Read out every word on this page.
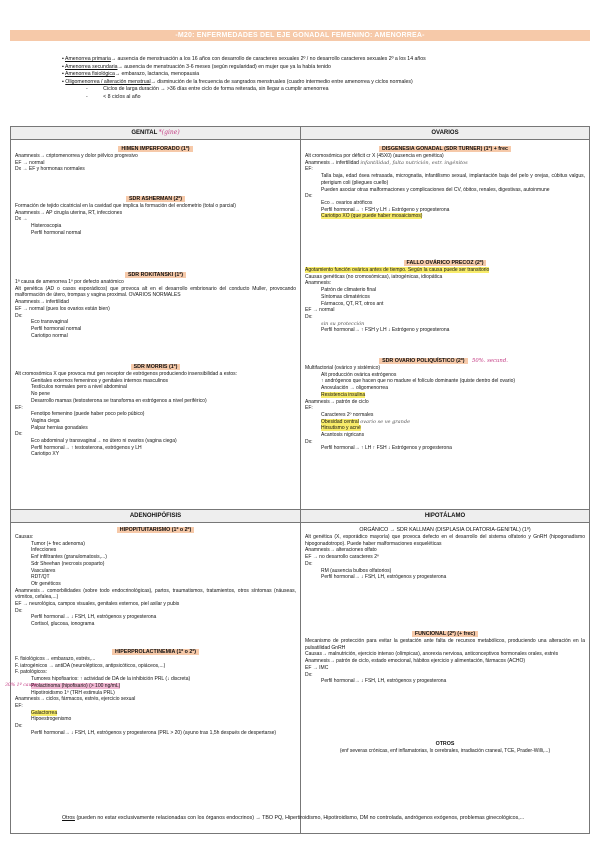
-M20: ENFERMEDADES DEL EJE GONADAL FEMENINO: AMENORREA-
▪ Amenorrea primaria→ ausencia de menstruación a los 16 años con desarrollo de caracteres sexuales 2º / no desarrollo caracteres sexuales 2º a los 14 años
▪ Amenorrea secundaria→ ausencia de menstruación 3-6 meses (según regularidad) en mujer que ya la había tenido
▪ Amenorrea fisiológica→ embarazo, lactancia, menopausia
▪ Oligomenorrea / alteración menstrual→ disminución de la frecuencia de sangrados menstruales (cuadro intermedio entre amenorrea y ciclos normales)
-	Ciclos de larga duración → >36 días entre ciclo de forma reiterada, sin llegar a cumplir amenorrea
-	< 8 ciclos al año
GENITAL *(gine)	OVARIOS
ADENOHIPÓFISIS	HIPOTÁLAMO
HIMEN IMPERFORADO (1º)
Anamnesis→ criptomenorrea y dolor pélvico progresivo
EF → normal
Dx → EF y hormonas normales
SDR ASHERMAN (2º)
Formación de tejido cicatricial en la cavidad que implica la formación del endometrio (total o parcial)
Anamnesis→ AP cirugía uterina, RT, infecciones
Dx →
Histeroscopia
Perfil hormonal normal
SDR ROKITANSKI (1º)
1ª causa de amenorrea 1º por defecto anatómico
Alt genética (AD o casos esporádicos) que provoca alt en el desarrollo embrionario del conducto Muller, provocando malformación de útero, trompas y vagina proximal. OVARIOS NORMALES
Anamnesis→ infertilidad
EF → normal (pues los ovarios están bien)
Dx:
Eco transvaginal
Perfil hormonal normal
Cariotipo normal
SDR MORRIS (1º)
Alt cromosómica X que provoca mut gen receptor de estrógenos produciendo insensibilidad a estos:
Genitales externos femeninos y genitales internos masculinos
Testículos normales pero a nivel abdominal
No pene
Desarrollo mamas (testosterona se transforma en estrógenos a nivel periférico)
EF:
Fenotipo femenino (puede haber poco pelo púbico)
Vagina ciega
Palpar hernias gonadales
Dx:
Eco abdominal y transvaginal→ no útero ni ovarios (vagina ciega)
Perfil hormonal→ ↑ testosterona, estrógenos y LH
Cariotipo XY
DISGENESIA GONADAL (SDR TURNER) (1º) + frec
Alt cromosómica por déficit cr X (45X0) (ausencia en genética)
Anamnesis→ infertilidad infantilidad, falta nutrición, estr. ingénitos
EF:
Talla baja, edad ósea retrasada, micrognatia, infantilismo sexual, implantación baja del pelo y orejas, cúbitus valgus, pterigium coli (pliegues cuello)
Pueden asociar otras malformaciones y complicaciones del CV, óbitos, renales, digestivas, autoinmune
Dx:
Eco→ ovarios atróficos
Perfil hormonal→ ↑ FSH y LH ↓ Estrógeno y progesterona
Cariotipo XO (que puede haber mosaicismos)
FALLO OVÁRICO PRECOZ (2º)
Agotamiento función ovárica antes de tiempo. Según la causa puede ser transitorio
Causas genéticas (no cromosómicas), iatrogénicas, idiopática
Anamnesis:
Patrón de climaterio final
Síntomas climatéricos
Fármacos, QT, RT, otros ant
EF → normal
Dx:
sin su protección
Perfil hormonal→ ↑ FSH y LH ↓ Estrógeno y progesterona
SDR OVARIO POLIQUÍSTICO (2º) 50%. secund.
Multifactorial (ovárico y sistémico)
Alt producción ovárica estrógenos
↑ andrógenos que hacen que no madure el folículo dominante (quiste dentro del ovario)
Anovulación → oligomenorrea
Resistencia insulina
Anamnesis→ patrón de ciclo
EF:
Caracteres 2º normales
Obesidad central ovario se ve grande
Hirsutismo y acné
Acantosis nigricans
Dx:
Perfil hormonal→ ↑ LH ↑ FSH ↓ Estrógenos y progesterona
HIPOPITUITARISMO (1º o 2º)
Causas:
Tumor (+ frec adenoma)
Infecciones
Enf infiltrantes (granulomatosis,...)
Sdr Sheehan (necrosis posparto)
Vasculares
RDT/QT
Otr genéticos
Anamnesis→ comorbilidades (sobre todo endocrinológicas), partos, traumatismos, tratamientos, otros síntomas (náuseas, vómitos, cefalea,...)
EF → neurológica, campos visuales, genitales externos, piel axilar y pubis
Dx:
Perfil hormonal→ ↓ FSH, LH, estrógenos y progesterona
Cortisol, glucosa, ionograma
HIPERPROLACTINEMIA (1º o 2º)
F. fisiológicos→ embarazo, estrés,...
F. iatrogénicos → antiDA (neurolépticos, antipsicóticos, opiáceos,...)
F. patológicos:
Tumores hipofisarios: ↑ actividad de DA de la inhibición PRL (↓ discreta)
Prolactinoma (hipofisario) (> 100 ng/mL)
Hipotiroidismo 1º (TRH estimula PRL)
Anamnesis→ ciclos, fármacos, estrés, ejercicio sexual
EF:
Galactorrea
Hipoestrogenismo
Dx:
Perfil hormonal→ ↓ FSH, LH, estrógenos y progesterona (PRL > 20) (ayuno tras 1,5h después de despertarse)
30% 1º causa
ORGÁNICO → SDR KALLMAN (DISPLASIA OLFATORIA-GENITAL) (1º)
Alt genética (X, esporádico mayoría) que provoca defecto en el desarrollo del sistema olfatorio y GnRH (hipogonadismo hipogonadotropo). Puede haber malformaciones esqueléticas
Anamnesis→ alteraciones olfato
EF → no desarrollo caracteres 2º
Dx:
RM (ausencia bulbos olfatorios)
Perfil hormonal→ ↓ FSH, LH, estrógenos y progesterona
FUNCIONAL (2º) (+ frec)
Mecanismo de protección para evitar la gestación ante falta de recursos metabólicos, produciendo una alteración en la pulsatilidad GnRH
Causas→ malnutrición, ejercicio intenso (olímpicas), anorexia nerviosa, anticonceptivos hormonales orales, estrés
Anamnesis→ patrón de ciclo, estado emocional, hábitos ejercicio y alimentación, fármacos (ACHO)
EF → IMC
Dx:
Perfil hormonal→ ↓ FSH, LH, estrógenos y progesterona
OTROS
(enf severas crónicas, enf inflamatorias, lx cerebrales, irradiación craneal, TCE, Prader-Willi,...)
Otros (pueden no estar exclusivamente relacionadas con los órganos endocrinos) → TBO PQ, Hipertiroidismo, Hipotiroidismo, DM no controlada, andrógenos exógenos, problemas ginecológicos,...
